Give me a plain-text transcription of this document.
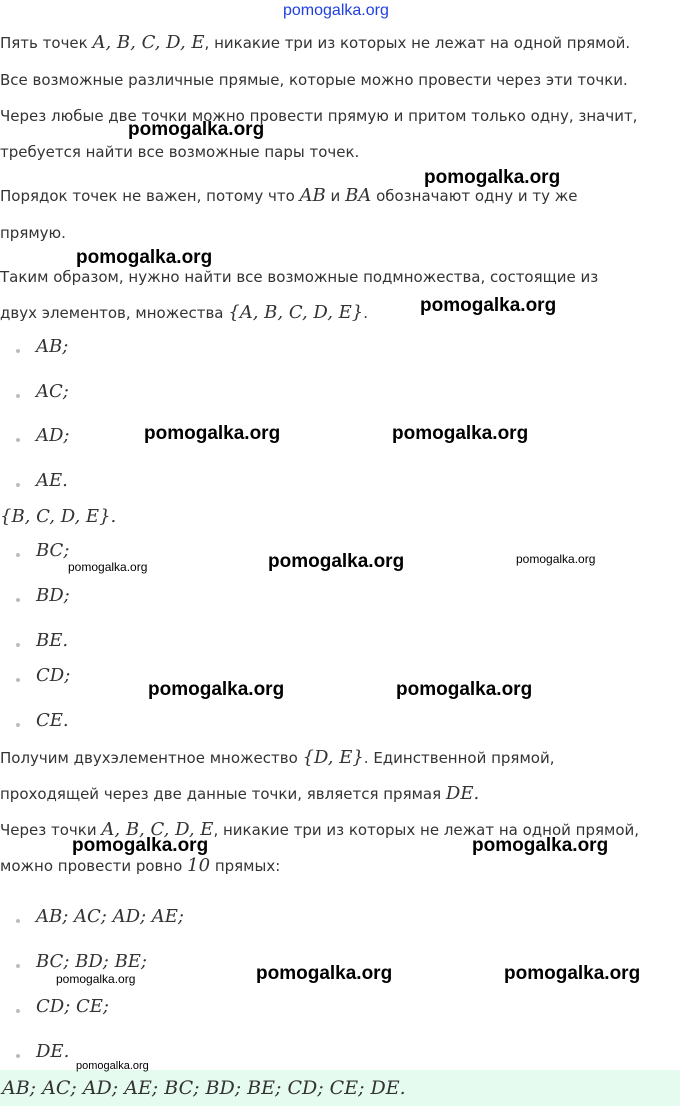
pomogalka.org
Пять точек A, B, C, D, E, никакие три из которых не лежат на одной прямой.
Все возможные различные прямые, которые можно провести через эти точки.
Через любые две точки можно провести прямую и притом только одну, значит,
требуется найти все возможные пары точек.
Порядок точек не важен, потому что AB и BA обозначают одну и ту же
прямую.
Таким образом, нужно найти все возможные подмножества, состоящие из
двух элементов, множества {A, B, C, D, E}.
AB;
AC;
AD;
AE.
{B, C, D, E}.
BC;
BD;
BE.
CD;
CE.
Получим двухэлементное множество {D, E}. Единственной прямой,
проходящей через две данные точки, является прямая DE.
Через точки A, B, C, D, E, никакие три из которых не лежат на одной прямой,
можно провести ровно 10 прямых:
AB; AC; AD; AE;
BC; BD; BE;
CD; CE;
DE.
AB; AC; AD; AE; BC; BD; BE; CD; CE; DE.
pomogalka.org
pomogalka.org
pomogalka.org
pomogalka.org
pomogalka.org	pomogalka.org
pomogalka.org	pomogalka.org	pomogalka.org
pomogalka.org	pomogalka.org
pomogalka.org	pomogalka.org
pomogalka.org	pomogalka.org	pomogalka.org
pomogalka.org
